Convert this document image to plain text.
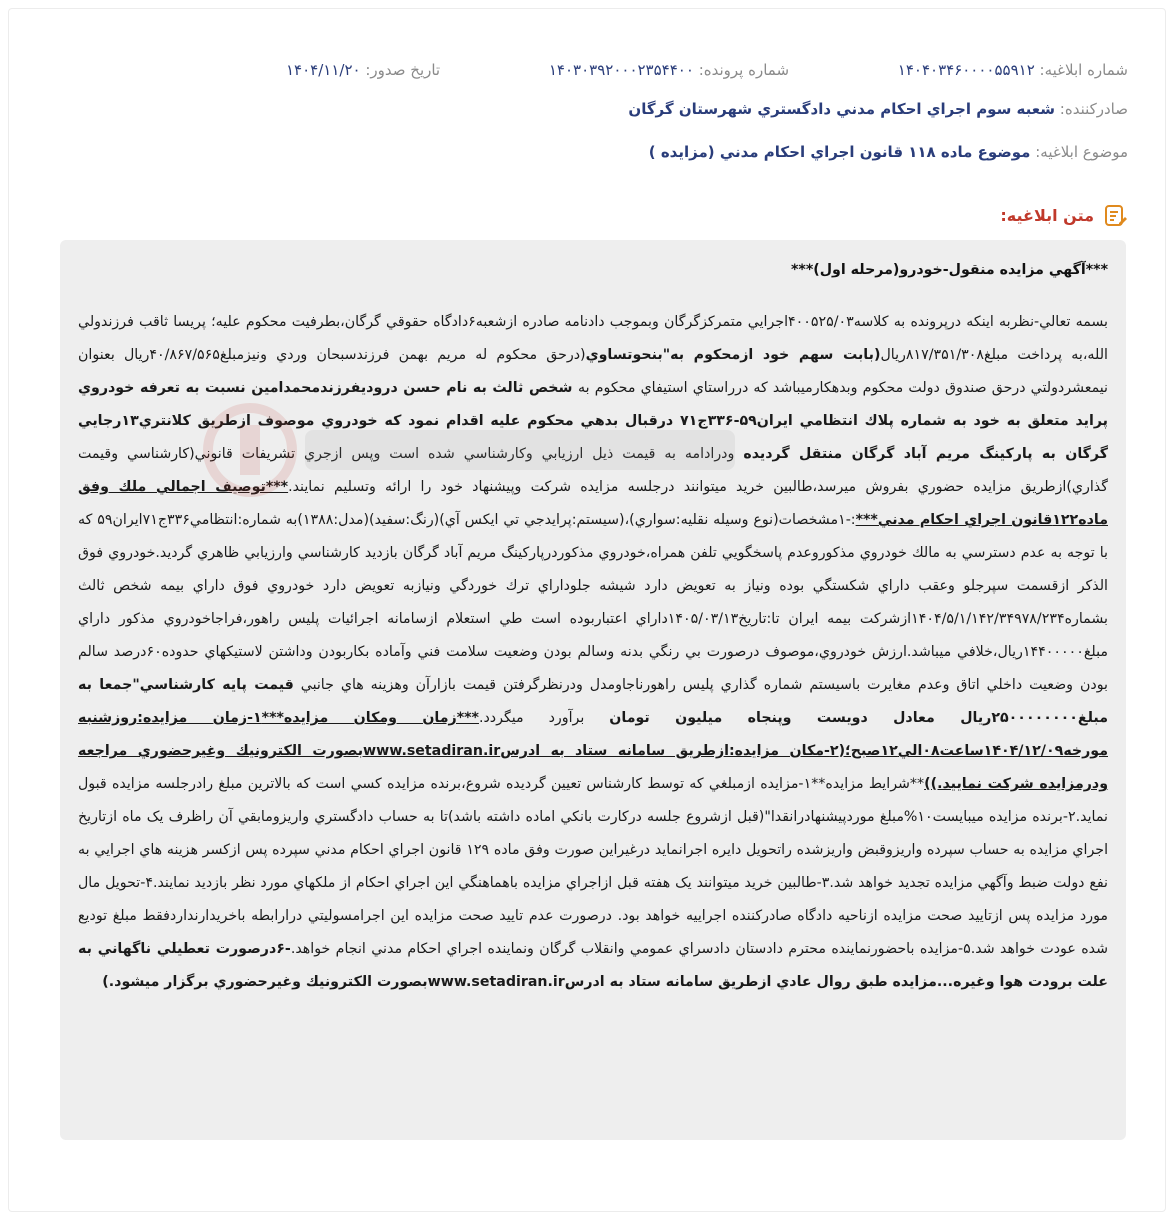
شماره ابلاغيه: ۱۴۰۴۰۳۴۶۰۰۰۰۵۵۹۱۲
شماره پرونده: ۱۴۰۳۰۳۹۲۰۰۰۲۳۵۴۴۰۰
تاريخ صدور: ۱۴۰۴/۱۱/۲۰
صادرکننده: شعبه سوم اجراي احكام مدني دادگستري شهرستان گرگان
موضوع ابلاغيه: موضوع ماده ۱۱۸ قانون اجراي احكام مدني (مزايده )
متن ابلاغيه:
***آگهي مزايده منقول-خودرو(مرحله اول)***
بسمه تعالي-نظربه اينكه درپرونده به كلاسه۴۰۰۵۲۵/۰۳اجرايي متمركزگرگان وبموجب دادنامه صادره ازشعبه۶دادگاه حقوقي گرگان،بطرفيت محكوم عليه؛ پريسا ثاقب فرزندولي الله،به پرداخت مبلغ۸۱۷/۳۵۱/۳۰۸ريال(بابت سهم خود ازمحكوم به"بنحوتساوي(درحق محكوم له مريم بهمن فرزندسبحان وردي ونيزمبلغ۴۰/۸۶۷/۵۶۵ريال بعنوان نيمعشردولتي درحق صندوق دولت محكوم وبدهكارميباشد كه درراستاي استيفاي محكوم به شخص ثالث به نام حسن دروديفرزندمحمدامين نسبت به تعرفه خودروي پرايد متعلق به خود به شماره پلاك انتظامي ايران۵۹-۳۳۶ج۷۱ درقبال بدهي محكوم عليه اقدام نمود كه خودروي موصوف ازطريق كلانتري۱۳رجايي گرگان به پاركينگ مريم آباد گرگان منتقل گرديده ودرادامه به قيمت ذيل ارزيابي وكارشناسي شده است وپس ازجري تشريفات قانوني(كارشناسي وقيمت گذاري)ازطريق مزايده حضوري بفروش ميرسد،طالبين خريد ميتوانند درجلسه مزايده شركت وپيشنهاد خود را ارائه وتسليم نمايند.***توصيف اجمالي ملك وفق ماده۱۲۲قانون اجراي احكام مدني***:-۱مشخصات(نوع وسيله نقليه:سواري)،(سيستم:پرايدجي تي ايكس آي)(رنگ:سفيد)(مدل:۱۳۸۸)به شماره:انتظامي۳۳۶ج۷۱ايران۵۹ كه با توجه به عدم دسترسي به مالك خودروي مذكوروعدم پاسخگويي تلفن همراه،خودروي مذكوردرپاركينگ مريم آباد گرگان بازديد كارشناسي وارزيابي ظاهري گرديد.خودروي فوق الذكر ازقسمت سپرجلو وعقب داراي شكستگي بوده ونياز به تعويض دارد شيشه جلوداراي ترك خوردگي ونيازبه تعويض دارد خودروي فوق داراي بيمه شخص ثالث بشماره۱۴۰۴/۵/۱/۱۴۲/۳۴۹۷۸/۲۳۴ازشركت بيمه ايران تا:تاريخ۱۴۰۵/۰۳/۱۳داراي اعتباربوده است طي استعلام ازسامانه اجرائيات پليس راهور،فراجاخودروي مذكور داراي مبلغ۱۴۴۰۰۰۰۰ريال،خلافي ميباشد.ارزش خودروي،موصوف درصورت بي رنگي بدنه وسالم بودن وضعيت سلامت فني وآماده بكاربودن وداشتن لاستيكهاي حدوده۶۰درصد سالم بودن وضعيت داخلي اتاق وعدم مغايرت باسيستم شماره گذاري پليس راهورناجاومدل ودرنظرگرفتن قيمت بازارآن وهزينه هاي جانبي قيمت پايه كارشناسي"جمعا به مبلغ۲۵۰۰۰۰۰۰۰۰ريال معادل دويست وپنجاه ميليون تومان برآورد ميگردد.***زمان ومكان مزايده***۱-زمان مزايده:روزشنبه مورخه۱۴۰۴/۱۲/۰۹ساعت۰۸الي۱۲صبح؛(۲-مكان مزايده:ازطريق سامانه ستاد به ادرسwww.setadiran.irبصورت الكترونيك وغيرحضوري مراجعه ودرمزايده شركت نماييد.))**شرايط مزايده**۱-مزايده ازمبلغي كه توسط كارشناس تعيين گرديده شروع،برنده مزايده كسي است كه بالاترين مبلغ رادرجلسه مزايده قبول نمايد.۲-برنده مزايده ميبايست۱۰%مبلغ موردپيشنهادرانقدا"(قبل ازشروع جلسه دركارت بانكي اماده داشته باشد)تا به حساب دادگستري واريزومابقي آن راظرف يک ماه ازتاريخ اجراي مزايده به حساب سپرده واريزوقبض واريزشده راتحويل دايره اجرانمايد درغيراين صورت وفق ماده ۱۲۹ قانون اجراي احكام مدني سپرده پس ازكسر هزينه هاي اجرايي به نفع دولت ضبط وآگهي مزايده تجديد خواهد شد.۳-طالبين خريد ميتوانند يک هفته قبل ازاجراي مزايده باهماهنگي اين اجراي احكام از ملكهاي مورد نظر بازديد نمايند.۴-تحويل مال مورد مزايده پس ازتاييد صحت مزايده ازناحيه دادگاه صادركننده اجراييه خواهد بود. درصورت عدم تاييد صحت مزايده اين اجرامسولیتي درارابطه باخريدارنداردفقط مبلغ توديع شده عودت خواهد شد.۵-مزايده باحضورنماينده محترم دادستان دادسراي عمومي وانقلاب گرگان ونماينده اجراي احكام مدني انجام خواهد.-۶درصورت تعطيلي ناگهاني به علت برودت هوا وغيره...مزايده طبق روال عادي ازطريق سامانه ستاد به ادرسwww.setadiran.irبصورت الكترونيك وغيرحضوري برگزار ميشود.)
